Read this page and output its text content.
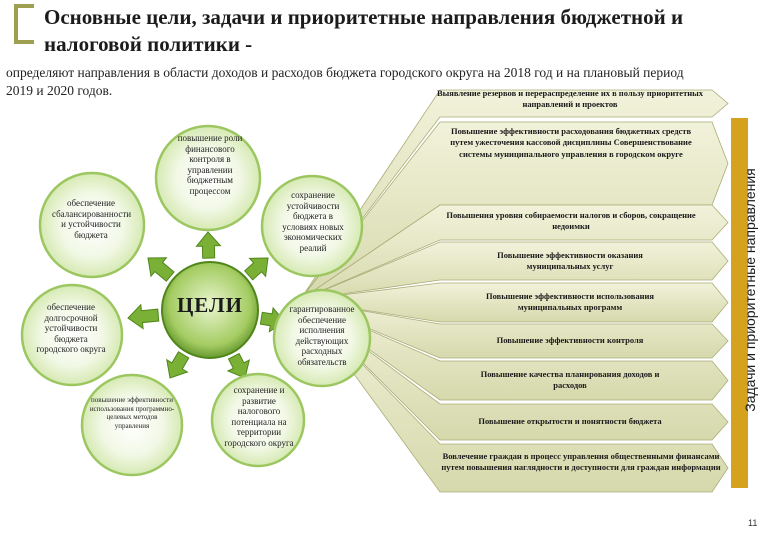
Основные цели, задачи и приоритетные направления бюджетной и налоговой политики -
определяют направления в области доходов и расходов бюджета городского округа на 2018 год и на плановый период 2019 и 2020 годов.
ЦЕЛИ
повышение роли финансового контроля в управлении бюджетным процессом	сохранение устойчивости бюджета в условиях новых экономических реалий
гарантированное обеспечение исполнения действующих расходных обязательств
сохранение и развитие налогового потенциала на территории городского округа
повышение эффективности использования программно-целевых методов управления
обеспечение долгосрочной устойчивости бюджета городского округа
обеспечение сбалансированности и устойчивости бюджета
Выявление резервов и перераспределение их в пользу приоритетных направлений и проектов
Повышение эффективности расходования бюджетных средств путем ужесточения кассовой дисциплины Совершенствование системы муниципального управления в городском округе
Повышения уровня собираемости налогов и сборов, сокращение недоимки
Повышение эффективности оказания муниципальных услуг
Повышение эффективности использования муниципальных программ
Повышение эффективности контроля
Повышение качества планирования доходов и расходов
Повышение открытости и понятности бюджета
Вовлечение граждан в процесс управления общественными финансами путем повышения наглядности и доступности для граждан информации
Задачи и приоритетные направления
11
